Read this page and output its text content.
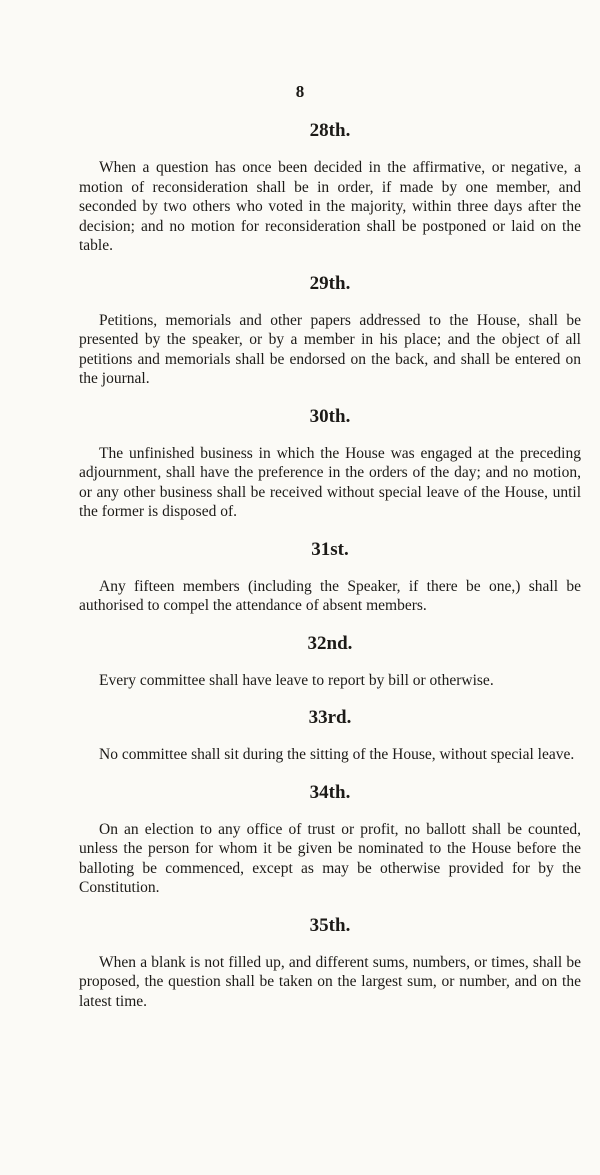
8
28th.

When a question has once been decided in the affirmative, or negative, a motion of reconsideration shall be in order, if made by one member, and seconded by two others who voted in the majority, within three days after the decision; and no motion for reconsideration shall be postponed or laid on the table.

29th.

Petitions, memorials and other papers addressed to the House, shall be presented by the speaker, or by a member in his place; and the object of all petitions and memorials shall be endorsed on the back, and shall be entered on the journal.

30th.

The unfinished business in which the House was engaged at the preceding adjournment, shall have the preference in the orders of the day; and no motion, or any other business shall be received without special leave of the House, until the former is disposed of.

31st.

Any fifteen members (including the Speaker, if there be one,) shall be authorised to compel the attendance of absent members.

32nd.

Every committee shall have leave to report by bill or otherwise.

33rd.

No committee shall sit during the sitting of the House, without special leave.

34th.

On an election to any office of trust or profit, no ballott shall be counted, unless the person for whom it be given be nominated to the House before the balloting be commenced, except as may be otherwise provided for by the Constitution.

35th.

When a blank is not filled up, and different sums, numbers, or times, shall be proposed, the question shall be taken on the largest sum, or number, and on the latest time.
